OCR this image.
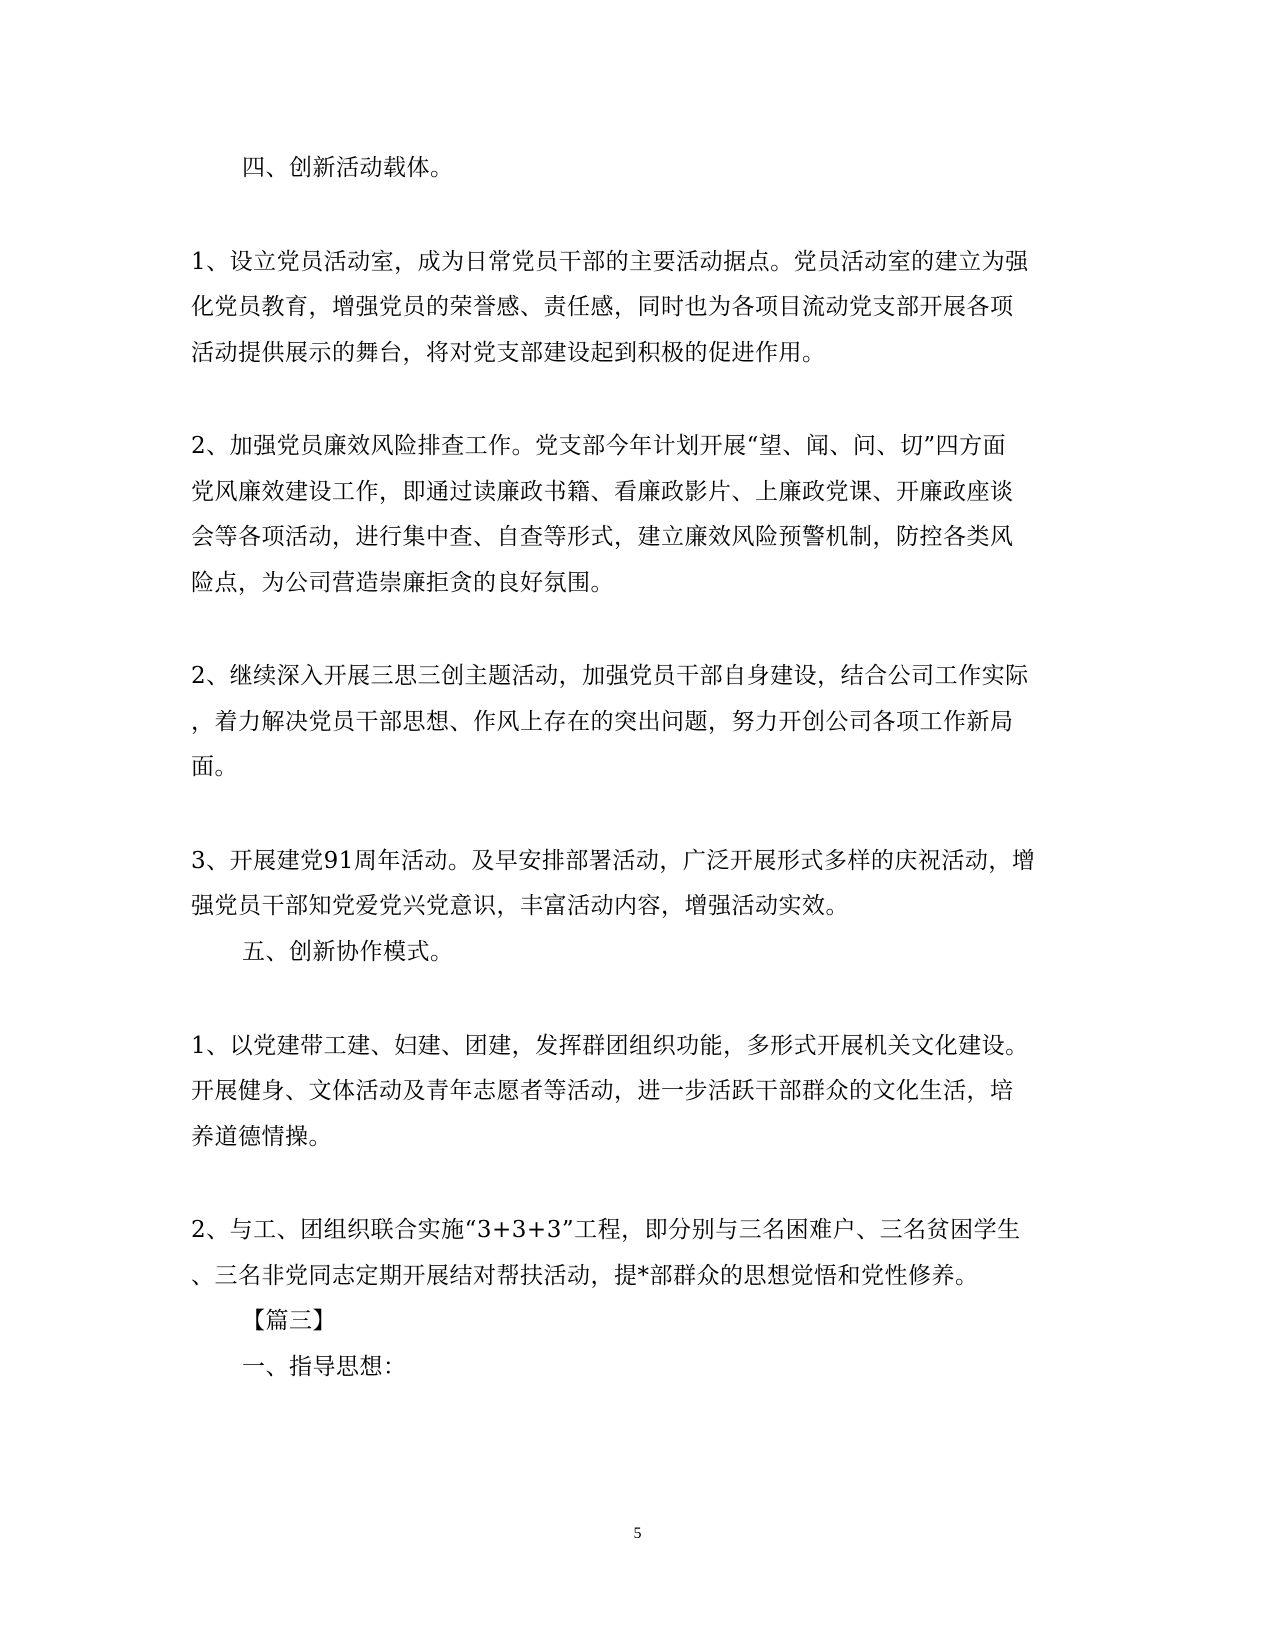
四、创新活动载体。
1、设立党员活动室，成为日常党员干部的主要活动据点。党员活动室的建立为强
化党员教育，增强党员的荣誉感、责任感，同时也为各项目流动党支部开展各项
活动提供展示的舞台，将对党支部建设起到积极的促进作用。
2、加强党员廉效风险排查工作。党支部今年计划开展“望、闻、问、切”四方面
党风廉效建设工作，即通过读廉政书籍、看廉政影片、上廉政党课、开廉政座谈
会等各项活动，进行集中查、自查等形式，建立廉效风险预警机制，防控各类风
险点，为公司营造崇廉拒贪的良好氛围。
2、继续深入开展三思三创主题活动，加强党员干部自身建设，结合公司工作实际
，着力解决党员干部思想、作风上存在的突出问题，努力开创公司各项工作新局
面。
3、开展建党91周年活动。及早安排部署活动，广泛开展形式多样的庆祝活动，增
强党员干部知党爱党兴党意识，丰富活动内容，增强活动实效。
五、创新协作模式。
1、以党建带工建、妇建、团建，发挥群团组织功能，多形式开展机关文化建设。
开展健身、文体活动及青年志愿者等活动，进一步活跃干部群众的文化生活，培
养道德情操。
2、与工、团组织联合实施“3+3+3”工程，即分别与三名困难户、三名贫困学生
、三名非党同志定期开展结对帮扶活动，提*部群众的思想觉悟和党性修养。
【篇三】
一、指导思想：
5
